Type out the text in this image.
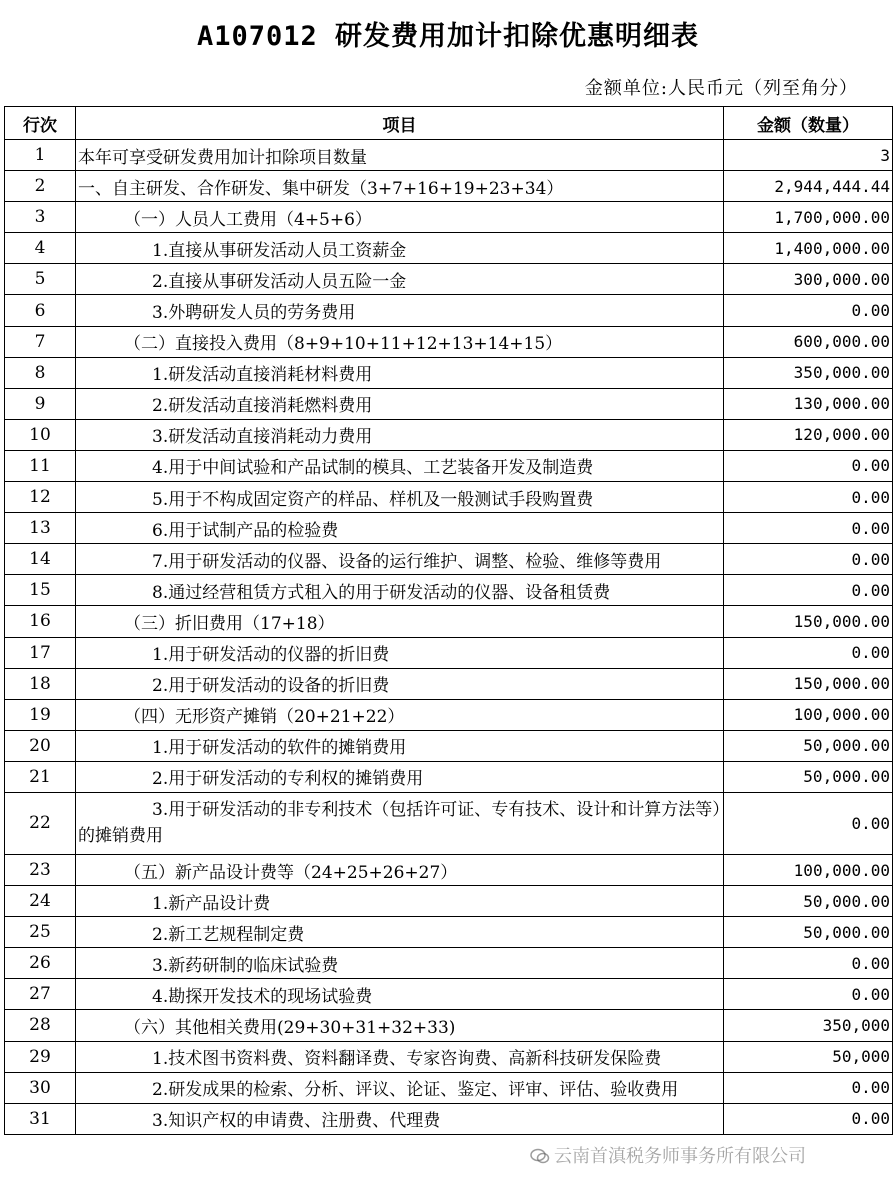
A107012 研发费用加计扣除优惠明细表
金额单位:人民币元（列至角分）
行次	项目	金额（数量）
1	本年可享受研发费用加计扣除项目数量	3
2	一、自主研发、合作研发、集中研发（3+7+16+19+23+34）	2,944,444.44
3	（一）人员人工费用（4+5+6）	1,700,000.00
4	1.直接从事研发活动人员工资薪金	1,400,000.00
5	2.直接从事研发活动人员五险一金	300,000.00
6	3.外聘研发人员的劳务费用	0.00
7	（二）直接投入费用（8+9+10+11+12+13+14+15）	600,000.00
8	1.研发活动直接消耗材料费用	350,000.00
9	2.研发活动直接消耗燃料费用	130,000.00
10	3.研发活动直接消耗动力费用	120,000.00
11	4.用于中间试验和产品试制的模具、工艺装备开发及制造费	0.00
12	5.用于不构成固定资产的样品、样机及一般测试手段购置费	0.00
13	6.用于试制产品的检验费	0.00
14	7.用于研发活动的仪器、设备的运行维护、调整、检验、维修等费用	0.00
15	8.通过经营租赁方式租入的用于研发活动的仪器、设备租赁费	0.00
16	（三）折旧费用（17+18）	150,000.00
17	1.用于研发活动的仪器的折旧费	0.00
18	2.用于研发活动的设备的折旧费	150,000.00
19	（四）无形资产摊销（20+21+22）	100,000.00
20	1.用于研发活动的软件的摊销费用	50,000.00
21	2.用于研发活动的专利权的摊销费用	50,000.00
22	3.用于研发活动的非专利技术（包括许可证、专有技术、设计和计算方法等）的摊销费用	0.00
23	（五）新产品设计费等（24+25+26+27）	100,000.00
24	1.新产品设计费	50,000.00
25	2.新工艺规程制定费	50,000.00
26	3.新药研制的临床试验费	0.00
27	4.勘探开发技术的现场试验费	0.00
28	（六）其他相关费用(29+30+31+32+33)	350,000
29	1.技术图书资料费、资料翻译费、专家咨询费、高新科技研发保险费	50,000
30	2.研发成果的检索、分析、评议、论证、鉴定、评审、评估、验收费用	0.00
31	3.知识产权的申请费、注册费、代理费	0.00
云南首滇税务师事务所有限公司
